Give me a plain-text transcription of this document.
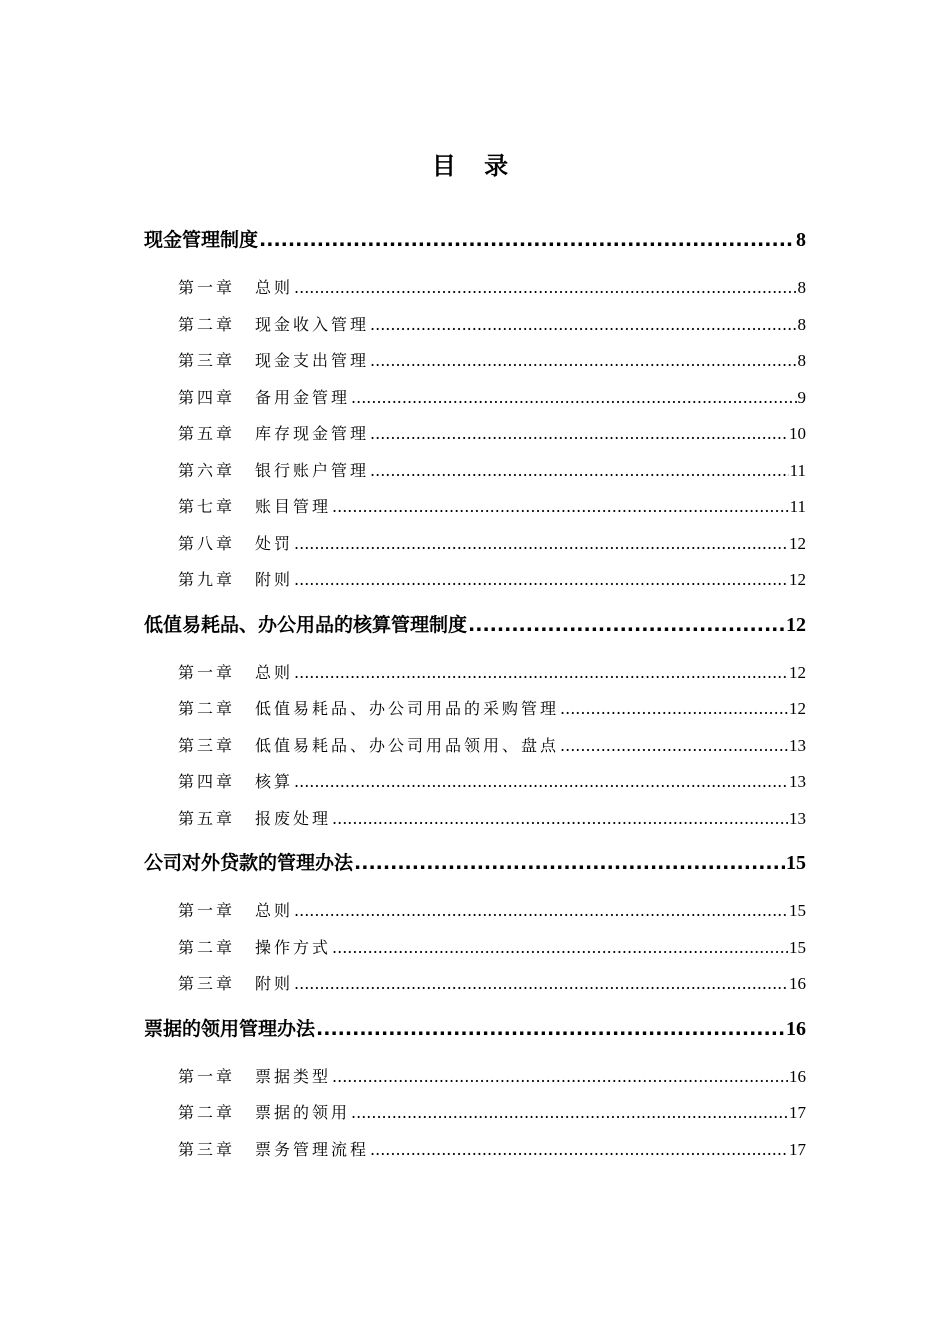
目 录
现金管理制度 .....	8
第一章	总则 .....	8
第二章	现金收入管理 .....	8
第三章	现金支出管理 .....	8
第四章	备用金管理 .....	9
第五章	库存现金管理 .....	10
第六章	银行账户管理 .....	11
第七章	账目管理 .....	11
第八章	处罚 .....	12
第九章	附则 .....	12
低值易耗品、办公用品的核算管理制度 .....	12
第一章	总则 .....	12
第二章	低值易耗品、办公司用品的采购管理 .....	12
第三章	低值易耗品、办公司用品领用、盘点 .....	13
第四章	核算 .....	13
第五章	报废处理 .....	13
公司对外贷款的管理办法 .....	15
第一章	总则 .....	15
第二章	操作方式 .....	15
第三章	附则 .....	16
票据的领用管理办法 .....	16
第一章	票据类型 .....	16
第二章	票据的领用 .....	17
第三章	票务管理流程 .....	17
